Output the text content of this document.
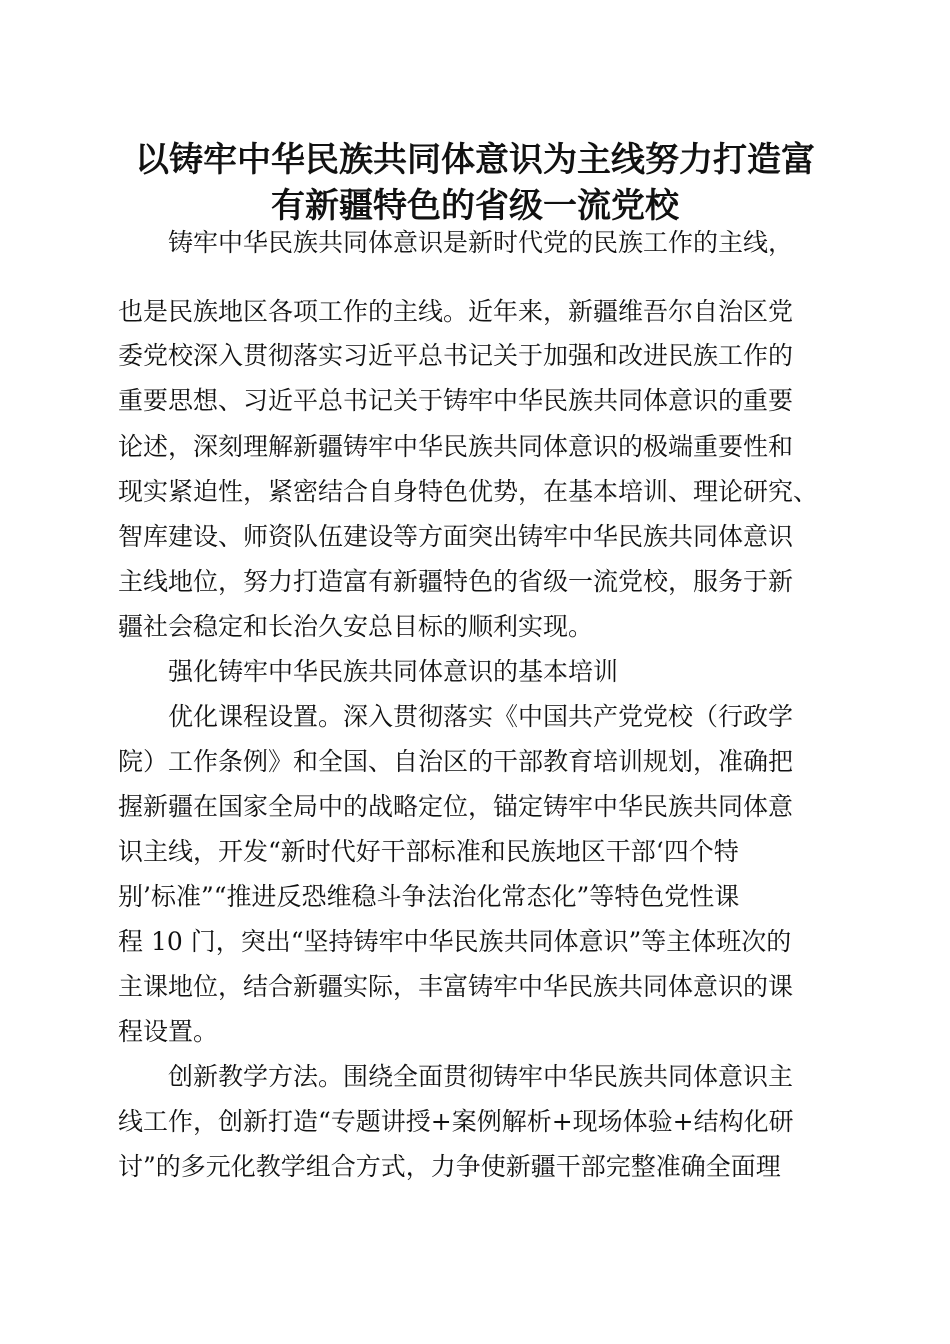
以铸牢中华民族共同体意识为主线努力打造富
有新疆特色的省级一流党校

铸牢中华民族共同体意识是新时代党的民族工作的主线，

也是民族地区各项工作的主线。近年来，新疆维吾尔自治区党

委党校深入贯彻落实习近平总书记关于加强和改进民族工作的

重要思想、习近平总书记关于铸牢中华民族共同体意识的重要

论述，深刻理解新疆铸牢中华民族共同体意识的极端重要性和

现实紧迫性，紧密结合自身特色优势，在基本培训、理论研究、

智库建设、师资队伍建设等方面突出铸牢中华民族共同体意识

主线地位，努力打造富有新疆特色的省级一流党校，服务于新

疆社会稳定和长治久安总目标的顺利实现。

强化铸牢中华民族共同体意识的基本培训

优化课程设置。深入贯彻落实《中国共产党党校（行政学

院）工作条例》和全国、自治区的干部教育培训规划，准确把

握新疆在国家全局中的战略定位，锚定铸牢中华民族共同体意

识主线，开发“新时代好干部标准和民族地区干部‘四个特

别’标准”“推进反恐维稳斗争法治化常态化”等特色党性课

程 10 门，突出“坚持铸牢中华民族共同体意识”等主体班次的

主课地位，结合新疆实际，丰富铸牢中华民族共同体意识的课

程设置。

创新教学方法。围绕全面贯彻铸牢中华民族共同体意识主

线工作，创新打造“专题讲授+案例解析+现场体验+结构化研

讨”的多元化教学组合方式，力争使新疆干部完整准确全面理
